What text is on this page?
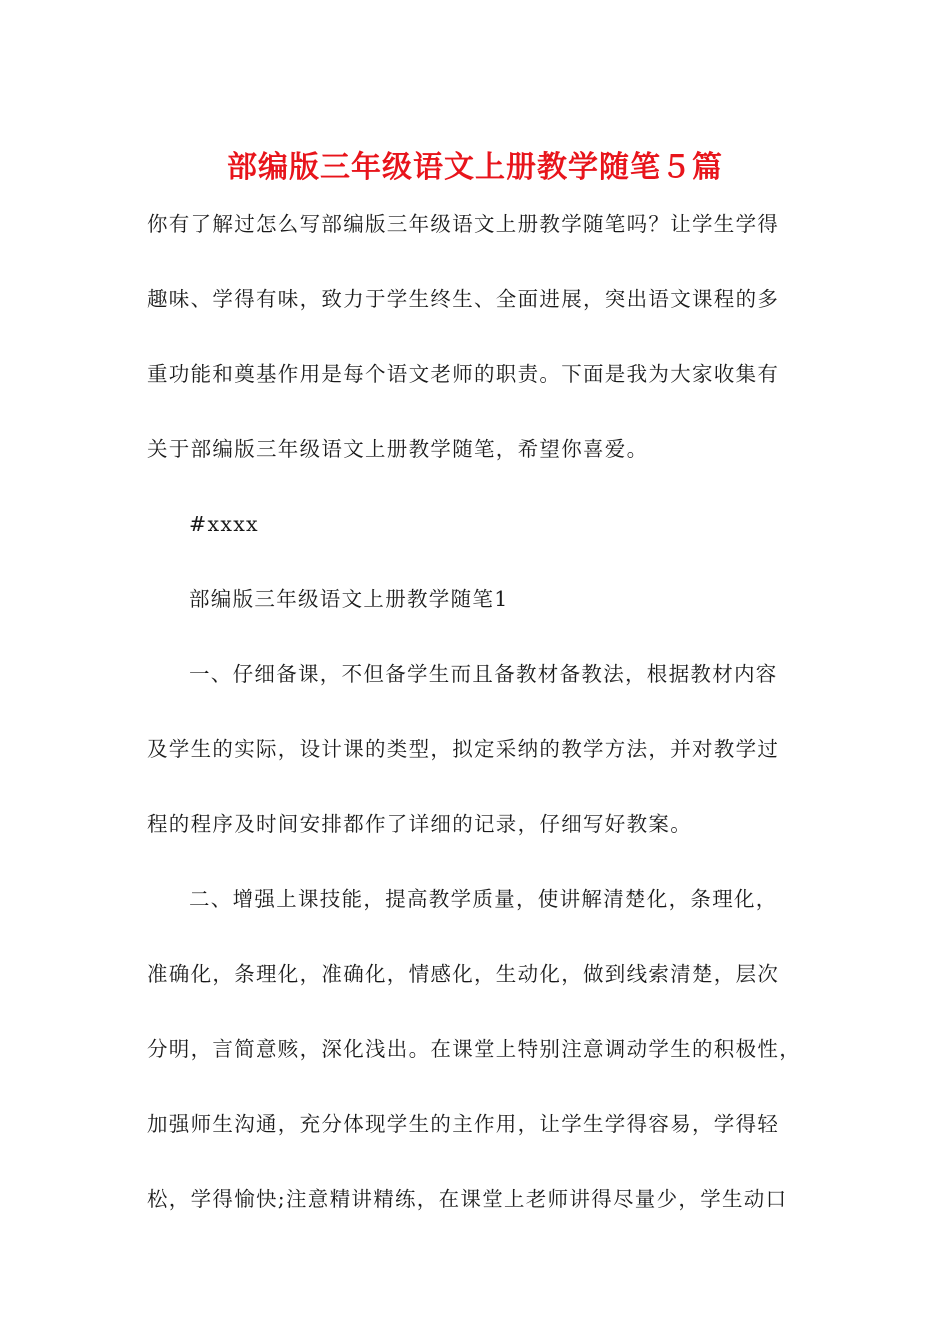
部编版三年级语文上册教学随笔５篇

你有了解过怎么写部编版三年级语文上册教学随笔吗？让学生学得

趣味、学得有味，致力于学生终生、全面进展，突出语文课程的多

重功能和奠基作用是每个语文老师的职责。下面是我为大家收集有

关于部编版三年级语文上册教学随笔，希望你喜爱。

#xxxx

部编版三年级语文上册教学随笔1

一、仔细备课，不但备学生而且备教材备教法，根据教材内容

及学生的实际，设计课的类型，拟定采纳的教学方法，并对教学过

程的程序及时间安排都作了详细的记录，仔细写好教案。

二、增强上课技能，提高教学质量，使讲解清楚化，条理化，

准确化，条理化，准确化，情感化，生动化，做到线索清楚，层次

分明，言简意赅，深化浅出。在课堂上特别注意调动学生的积极性，

加强师生沟通，充分体现学生的主作用，让学生学得容易，学得轻

松，学得愉快;注意精讲精练，在课堂上老师讲得尽量少，学生动口
